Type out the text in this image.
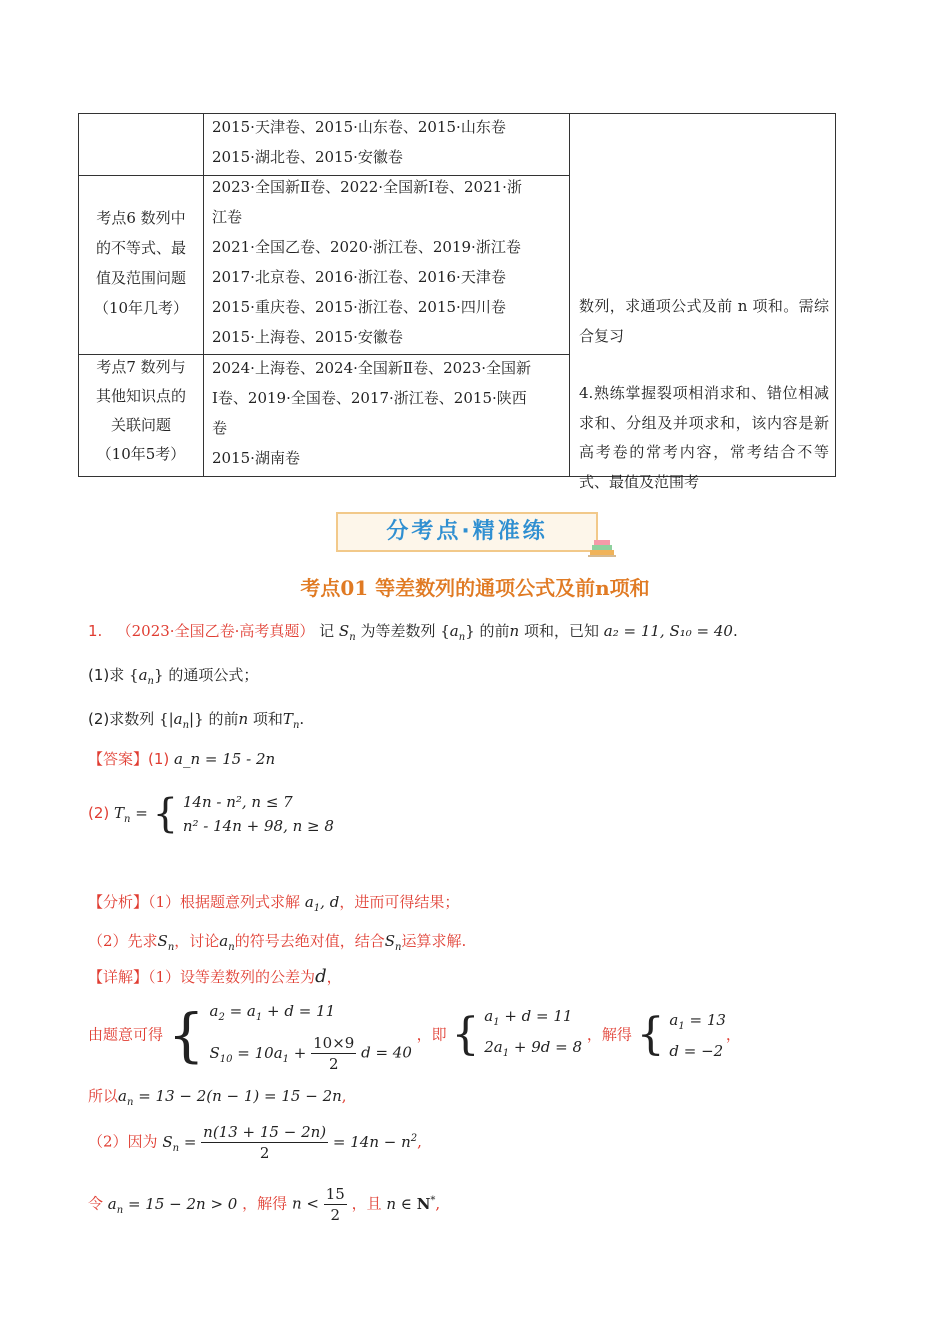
2015·天津卷、2015·山东卷、2015·山东卷
2015·湖北卷、2015·安徽卷
考点6 数列中
的不等式、最
值及范围问题
（10年几考）
2023·全国新Ⅱ卷、2022·全国新Ⅰ卷、2021·浙
江卷
2021·全国乙卷、2020·浙江卷、2019·浙江卷
2017·北京卷、2016·浙江卷、2016·天津卷
2015·重庆卷、2015·浙江卷、2015·四川卷
2015·上海卷、2015·安徽卷
考点7 数列与
其他知识点的
关联问题
（10年5考）
2024·上海卷、2024·全国新Ⅱ卷、2023·全国新
Ⅰ卷、2019·全国卷、2017·浙江卷、2015·陕西
卷
2015·湖南卷
数列，求通项公式及前 n 项和。需综合复习
4.熟练掌握裂项相消求和、错位相减求和、分组及并项求和，该内容是新高考卷的常考内容，常考结合不等式、最值及范围考
分考点·精准练
考点01 等差数列的通项公式及前n项和
1. （2023·全国乙卷·高考真题） 记 $S_n$ 为等差数列 $\{a_n\}$ 的前n 项和，已知 a₂ = 11, S₁₀ = 40.
(1)求 $\{a_n\}$ 的通项公式；
(2)求数列 $\{|a_n|\}$ 的前n 项和$T_n$.
【答案】(1) a_n = 15 - 2n
(2) $T_n$ = { 14n - n², n ≤ 7
n² - 14n + 98, n ≥ 8
【分析】（1）根据题意列式求解 $a_1$, d，进而可得结果；
（2）先求$S_n$，讨论$a_n$的符号去绝对值，结合$S_n$运算求解.
【详解】（1）设等差数列的公差为d，
由题意可得 { $a_2 = a_1 + d = 11$
$S_{10} = 10a_1 + \frac{10\times 9}{2}$ d = 40 ，即 { $a_1 + d = 11$
$2a_1 + 9d = 8$ ，解得 { $a_1 = 13$
d = −2，
所以$a_n = 13 - 2(n - 1) = 15 - 2n$,
（2）因为 $S_n = \frac{n(13 + 15 - 2n)}{2} = 14n - n^2$,
令 $a_n = 15 - 2n > 0$ ，解得 $n < \frac{15}{2}$ ，且 n ∈ N*,
